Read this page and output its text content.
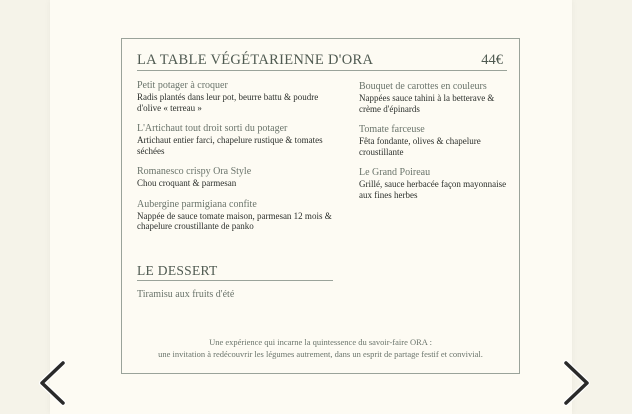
LA TABLE VÉGÉTARIENNE D'ORA	44€
Petit potager à croquer
Radis plantés dans leur pot, beurre battu & poudre d'olive « terreau »
L'Artichaut tout droit sorti du potager
Artichaut entier farci, chapelure rustique & tomates séchées
Romanesco crispy Ora Style
Chou croquant & parmesan
Aubergine parmigiana confite
Nappée de sauce tomate maison, parmesan 12 mois & chapelure croustillante de panko
Bouquet de carottes en couleurs
Nappées sauce tahini à la betterave & crème d'épinards
Tomate farceuse
Fêta fondante, olives & chapelure croustillante
Le Grand Poireau
Grillé, sauce herbacée façon mayonnaise aux fines herbes
LE DESSERT
Tiramisu aux fruits d'été
Une expérience qui incarne la quintessence du savoir-faire ORA :
une invitation à redécouvrir les légumes autrement, dans un esprit de partage festif et convivial.
